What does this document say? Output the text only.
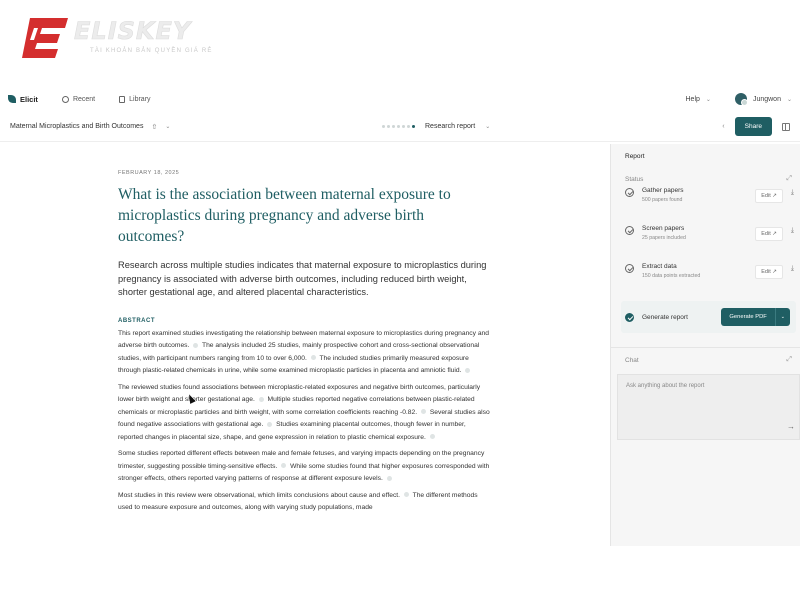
ELISKEY
TÀI KHOẢN BẢN QUYỀN GIÁ RẺ
Elicit	Recent	Library	Help ⌄	Jungwon ⌄
Maternal Microplastics and Birth Outcomes ⇧ ⌄	Research report ⌄	‹	Share
FEBRUARY 18, 2025
What is the association between maternal exposure to microplastics during pregnancy and adverse birth outcomes?
Research across multiple studies indicates that maternal exposure to microplastics during pregnancy is associated with adverse birth outcomes, including reduced birth weight, shorter gestational age, and altered placental characteristics.
ABSTRACT

This report examined studies investigating the relationship between maternal exposure to microplastics during pregnancy and adverse birth outcomes. The analysis included 25 studies, mainly prospective cohort and cross-sectional observational studies, with participant numbers ranging from 10 to over 6,000. The included studies primarily measured exposure through plastic-related chemicals in urine, while some examined microplastic particles in placenta and amniotic fluid.

The reviewed studies found associations between microplastic-related exposures and negative birth outcomes, particularly lower birth weight and shorter gestational age. Multiple studies reported negative correlations between plastic-related chemicals or microplastic particles and birth weight, with some correlation coefficients reaching -0.82. Several studies also found negative associations with gestational age. Studies examining placental outcomes, though fewer in number, reported changes in placental size, shape, and gene expression in relation to plastic chemical exposure.

Some studies reported different effects between male and female fetuses, and varying impacts depending on the pregnancy trimester, suggesting possible timing-sensitive effects. While some studies found that higher exposures corresponded with stronger effects, others reported varying patterns of response at different exposure levels.

Most studies in this review were observational, which limits conclusions about cause and effect. The different methods used to measure exposure and outcomes, along with varying study populations, made

Report
Status	⤢
Gather papers
500 papers found
Edit ↗	⤓
Screen papers
25 papers included
Edit ↗	⤓
Extract data
150 data points extracted
Edit ↗	⤓
Generate report	Generate PDF	⌄
Chat	⤢
Ask anything about the report
→
